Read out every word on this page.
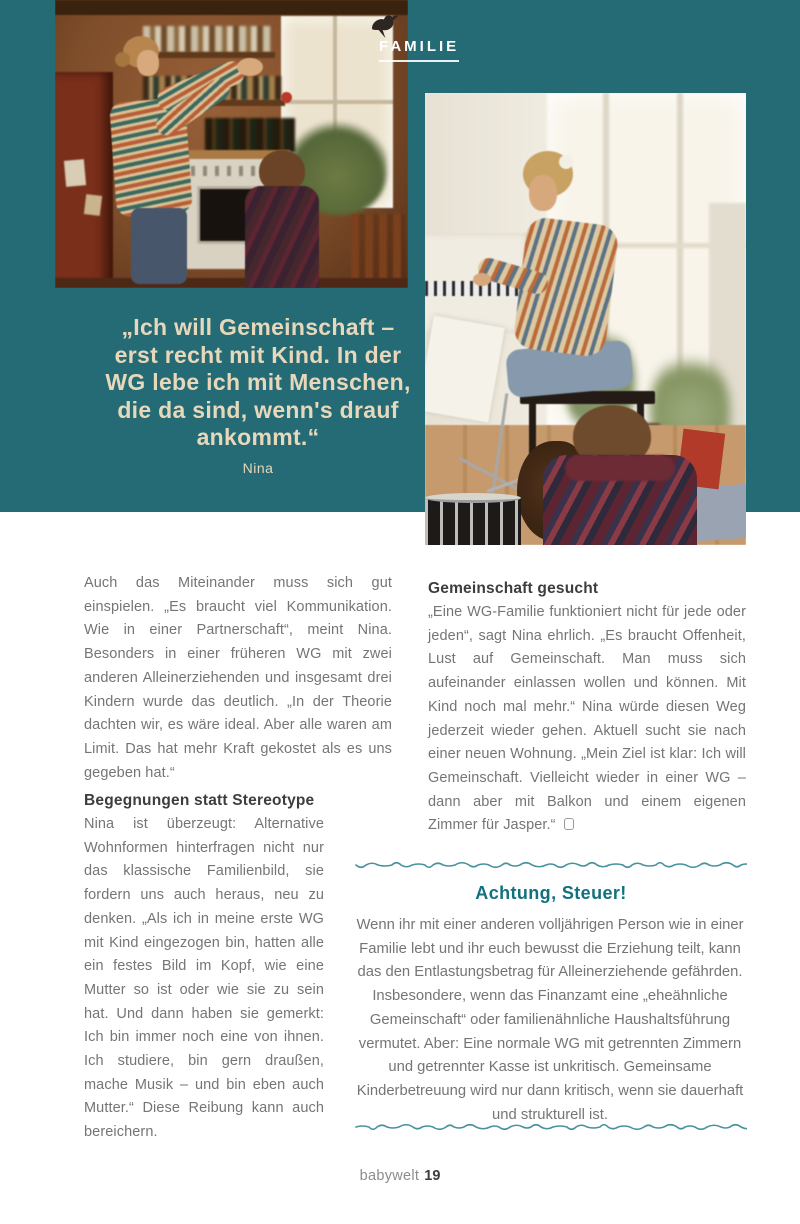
FAMILIE
„Ich will Gemeinschaft –
erst recht mit Kind. In der
WG lebe ich mit Menschen,
die da sind, wenn's drauf
ankommt.“
Nina

Auch das Miteinander muss sich gut einspielen. „Es braucht viel Kommunikation. Wie in einer Partnerschaft“, meint Nina. Besonders in einer früheren WG mit zwei anderen Alleinerziehenden und insgesamt drei Kindern wurde das deutlich. „In der Theorie dachten wir, es wäre ideal. Aber alle waren am Limit. Das hat mehr Kraft gekostet als es uns gegeben hat.“

Begegnungen statt Stereotype

Nina ist überzeugt: Alternative Wohnformen hinterfragen nicht nur das klassische Familienbild, sie fordern uns auch heraus, neu zu denken. „Als ich in meine erste WG mit Kind eingezogen bin, hatten alle ein festes Bild im Kopf, wie eine Mutter so ist oder wie sie zu sein hat. Und dann haben sie gemerkt: Ich bin immer noch eine von ihnen. Ich studiere, bin gern draußen, mache Musik – und bin eben auch Mutter.“ Diese Reibung kann auch bereichern.

Gemeinschaft gesucht

„Eine WG-Familie funktioniert nicht für jede oder jeden“, sagt Nina ehrlich. „Es braucht Offenheit, Lust auf Gemeinschaft. Man muss sich aufeinander einlassen wollen und können. Mit Kind noch mal mehr.“ Nina würde diesen Weg jederzeit wieder gehen. Aktuell sucht sie nach einer neuen Wohnung. „Mein Ziel ist klar: Ich will Gemeinschaft. Vielleicht wieder in einer WG – dann aber mit Balkon und einem eigenen Zimmer für Jasper.“

Achtung, Steuer!
Wenn ihr mit einer anderen volljährigen Person wie in einer Familie lebt und ihr euch bewusst die Erziehung teilt, kann das den Entlastungsbetrag für Alleinerziehende gefährden. Insbesondere, wenn das Finanzamt eine „eheähnliche Gemeinschaft“ oder familienähnliche Haushaltsführung vermutet. Aber: Eine normale WG mit getrennten Zimmern und getrennter Kasse ist unkritisch. Gemeinsame Kinderbetreuung wird nur dann kritisch, wenn sie dauerhaft und strukturell ist.
babywelt 19
